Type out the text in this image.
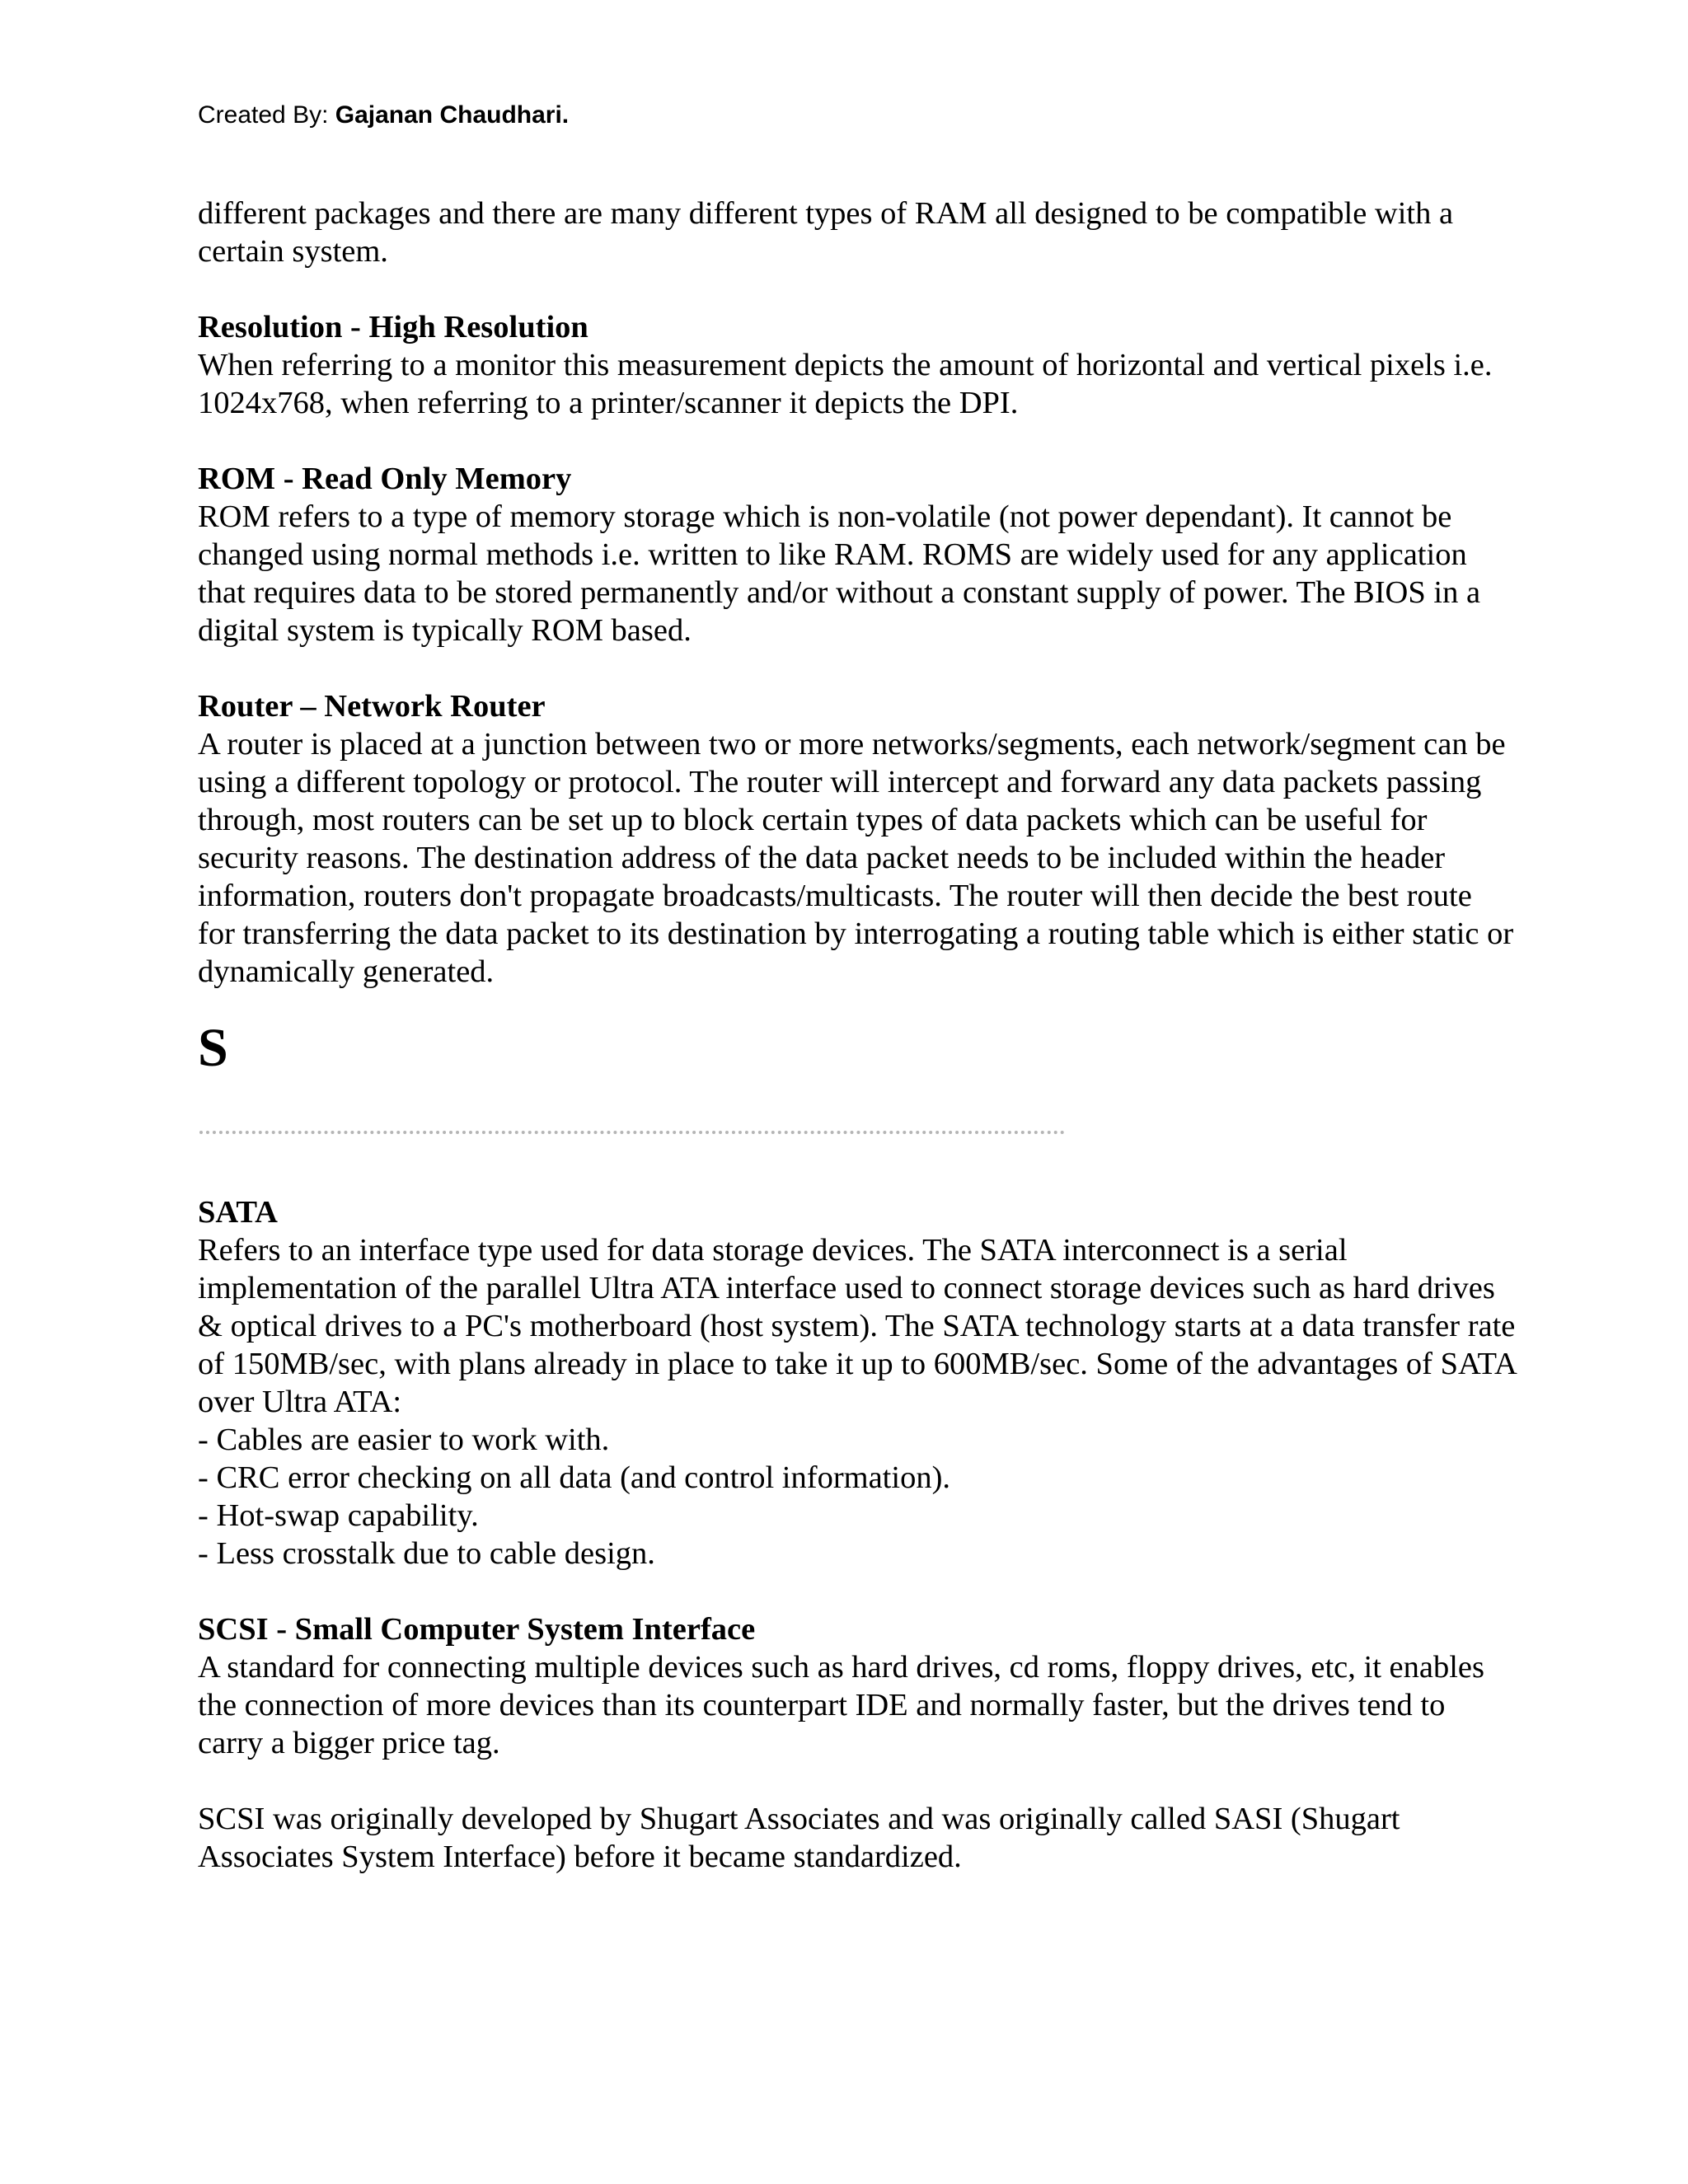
Created By: Gajanan Chaudhari.

different packages and there are many different types of RAM all designed to be compatible with a certain system.

Resolution - High Resolution

When referring to a monitor this measurement depicts the amount of horizontal and vertical pixels i.e. 1024x768, when referring to a printer/scanner it depicts the DPI.

ROM - Read Only Memory

ROM refers to a type of memory storage which is non-volatile (not power dependant). It cannot be changed using normal methods i.e. written to like RAM. ROMS are widely used for any application that requires data to be stored permanently and/or without a constant supply of power. The BIOS in a digital system is typically ROM based.

Router – Network Router

A router is placed at a junction between two or more networks/segments, each network/segment can be using a different topology or protocol. The router will intercept and forward any data packets passing through, most routers can be set up to block certain types of data packets which can be useful for security reasons. The destination address of the data packet needs to be included within the header information, routers don't propagate broadcasts/multicasts. The router will then decide the best route for transferring the data packet to its destination by interrogating a routing table which is either static or dynamically generated.

S

SATA

Refers to an interface type used for data storage devices. The SATA interconnect is a serial implementation of the parallel Ultra ATA interface used to connect storage devices such as hard drives & optical drives to a PC's motherboard (host system). The SATA technology starts at a data transfer rate of 150MB/sec, with plans already in place to take it up to 600MB/sec. Some of the advantages of SATA over Ultra ATA:

- Cables are easier to work with.
- CRC error checking on all data (and control information).
- Hot-swap capability.
- Less crosstalk due to cable design.

SCSI - Small Computer System Interface

A standard for connecting multiple devices such as hard drives, cd roms, floppy drives, etc, it enables the connection of more devices than its counterpart IDE and normally faster, but the drives tend to carry a bigger price tag.

SCSI was originally developed by Shugart Associates and was originally called SASI (Shugart Associates System Interface) before it became standardized.
